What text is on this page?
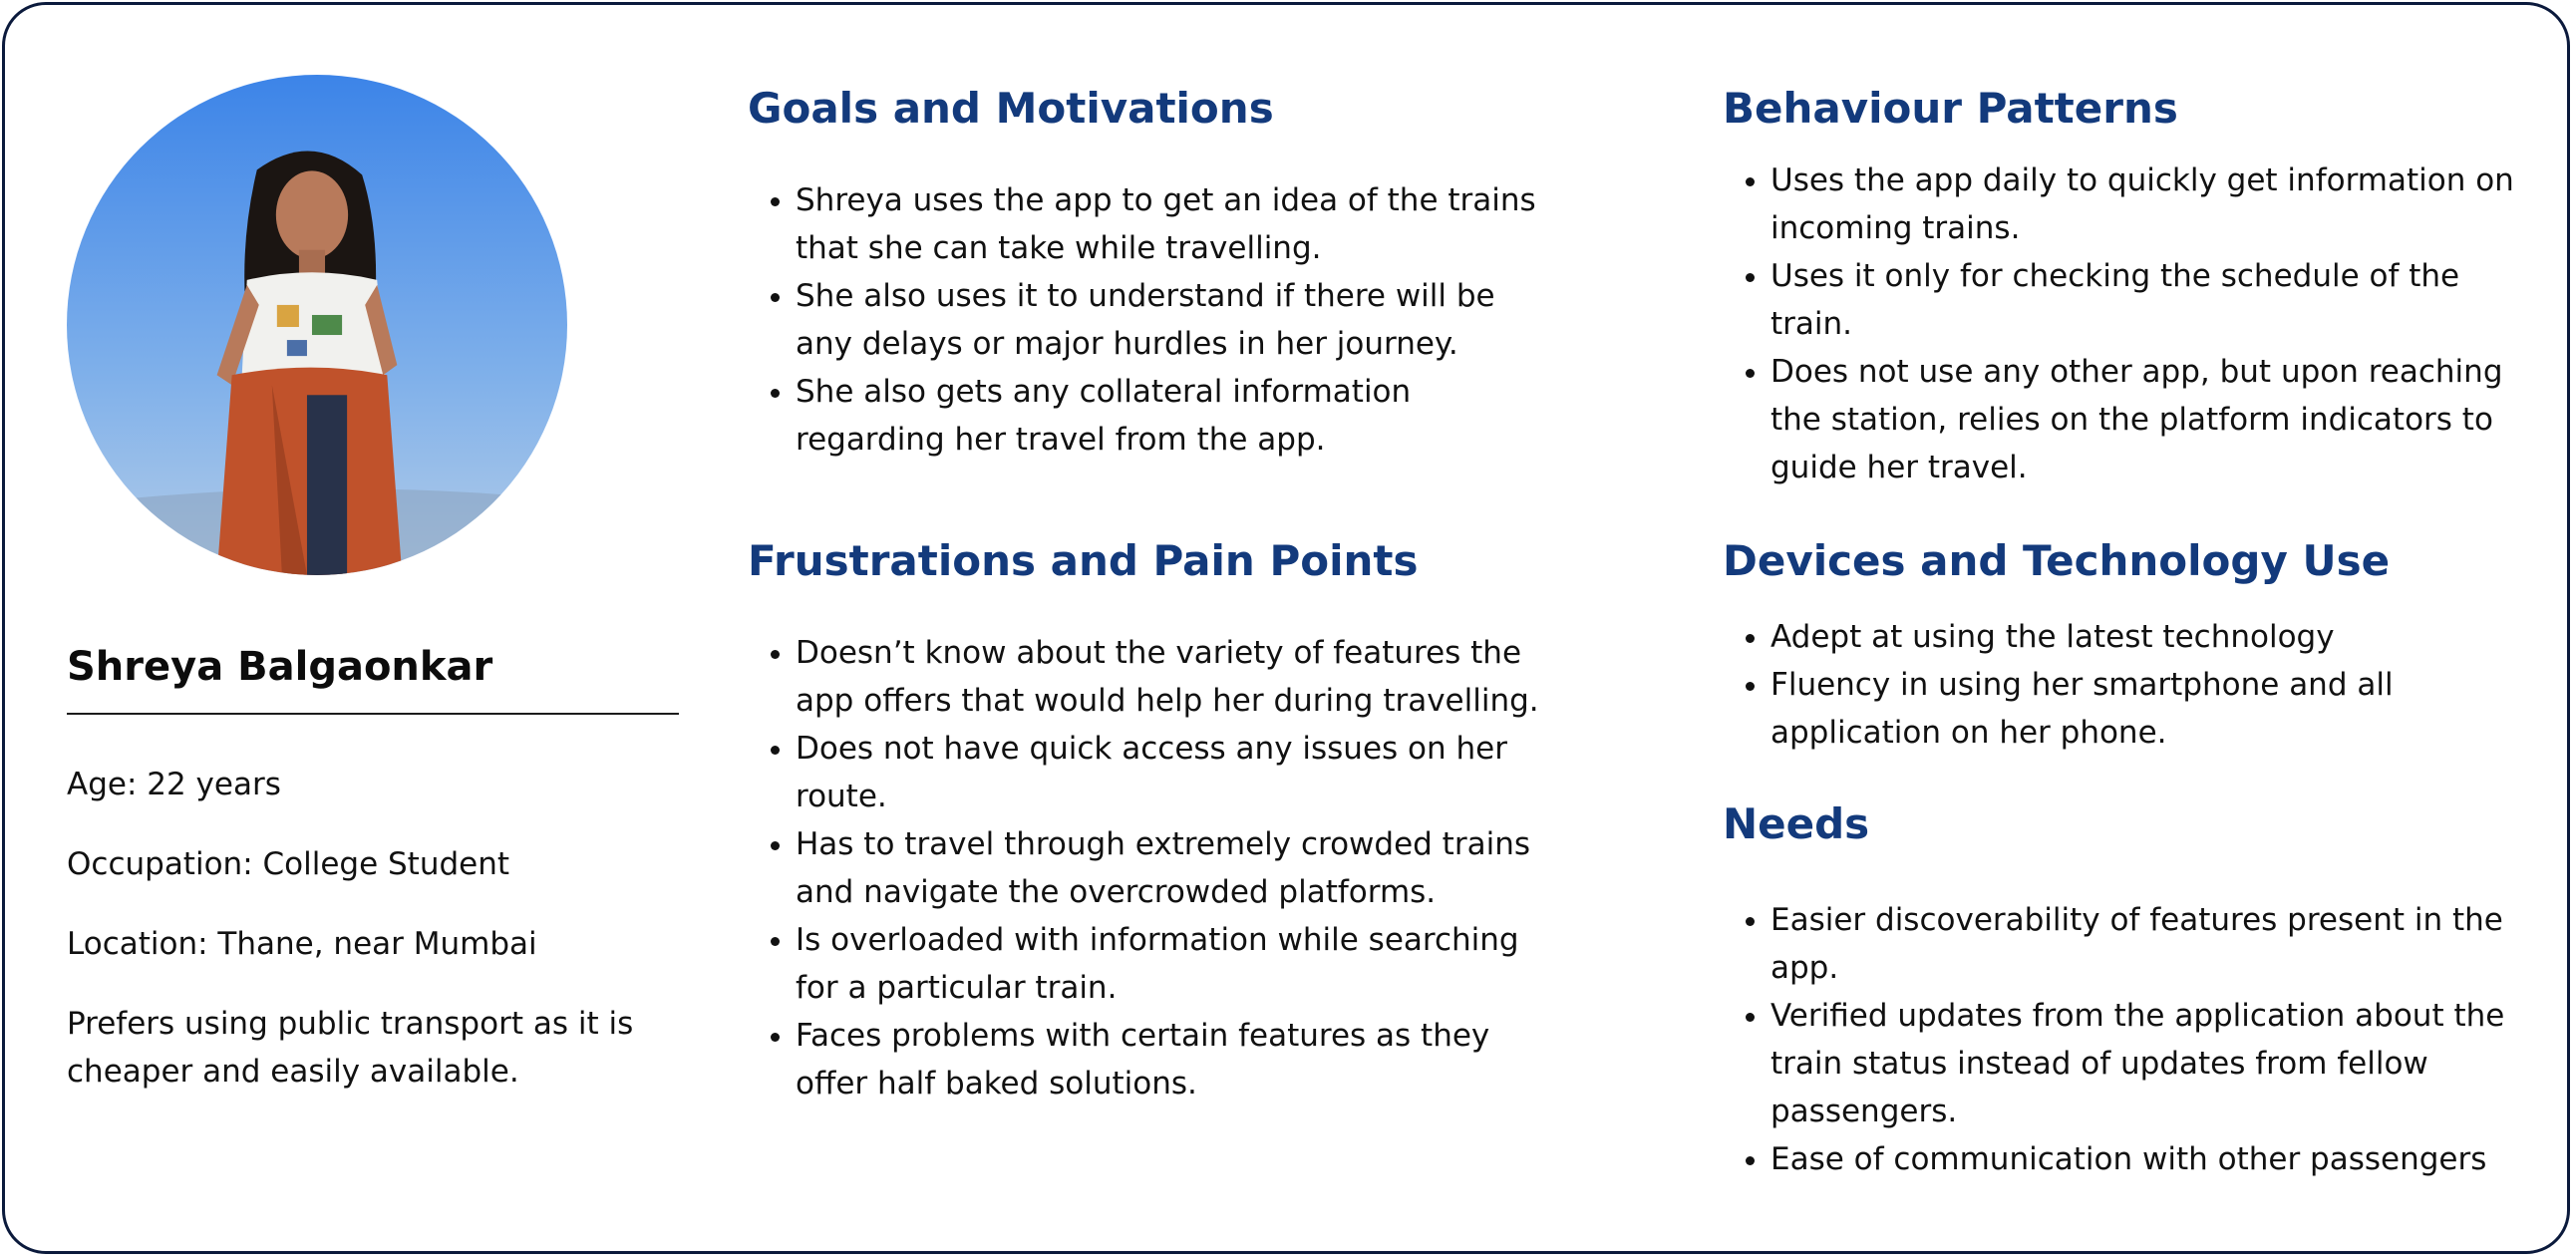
Shreya Balgaonkar

Age: 22 years

Occupation: College Student

Location: Thane, near Mumbai

Prefers using public transport as it is cheaper and easily available.

Goals and Motivations
• Shreya uses the app to get an idea of the trains that she can take while travelling.
• She also uses it to understand if there will be any delays or major hurdles in her journey.
• She also gets any collateral information regarding her travel from the app.
Frustrations and Pain Points
• Doesn’t know about the variety of features the app offers that would help her during travelling.
• Does not have quick access any issues on her route.
• Has to travel through extremely crowded trains and navigate the overcrowded platforms.
• Is overloaded with information while searching for a particular train.
• Faces problems with certain features as they offer half baked solutions.
Behaviour Patterns
• Uses the app daily to quickly get information on incoming trains.
• Uses it only for checking the schedule of the train.
• Does not use any other app, but upon reaching the station, relies on the platform indicators to guide her travel.
Devices and Technology Use
• Adept at using the latest technology
• Fluency in using her smartphone and all application on her phone.
Needs
• Easier discoverability of features present in the app.
• Verified updates from the application about the train status instead of updates from fellow passengers.
• Ease of communication with other passengers
